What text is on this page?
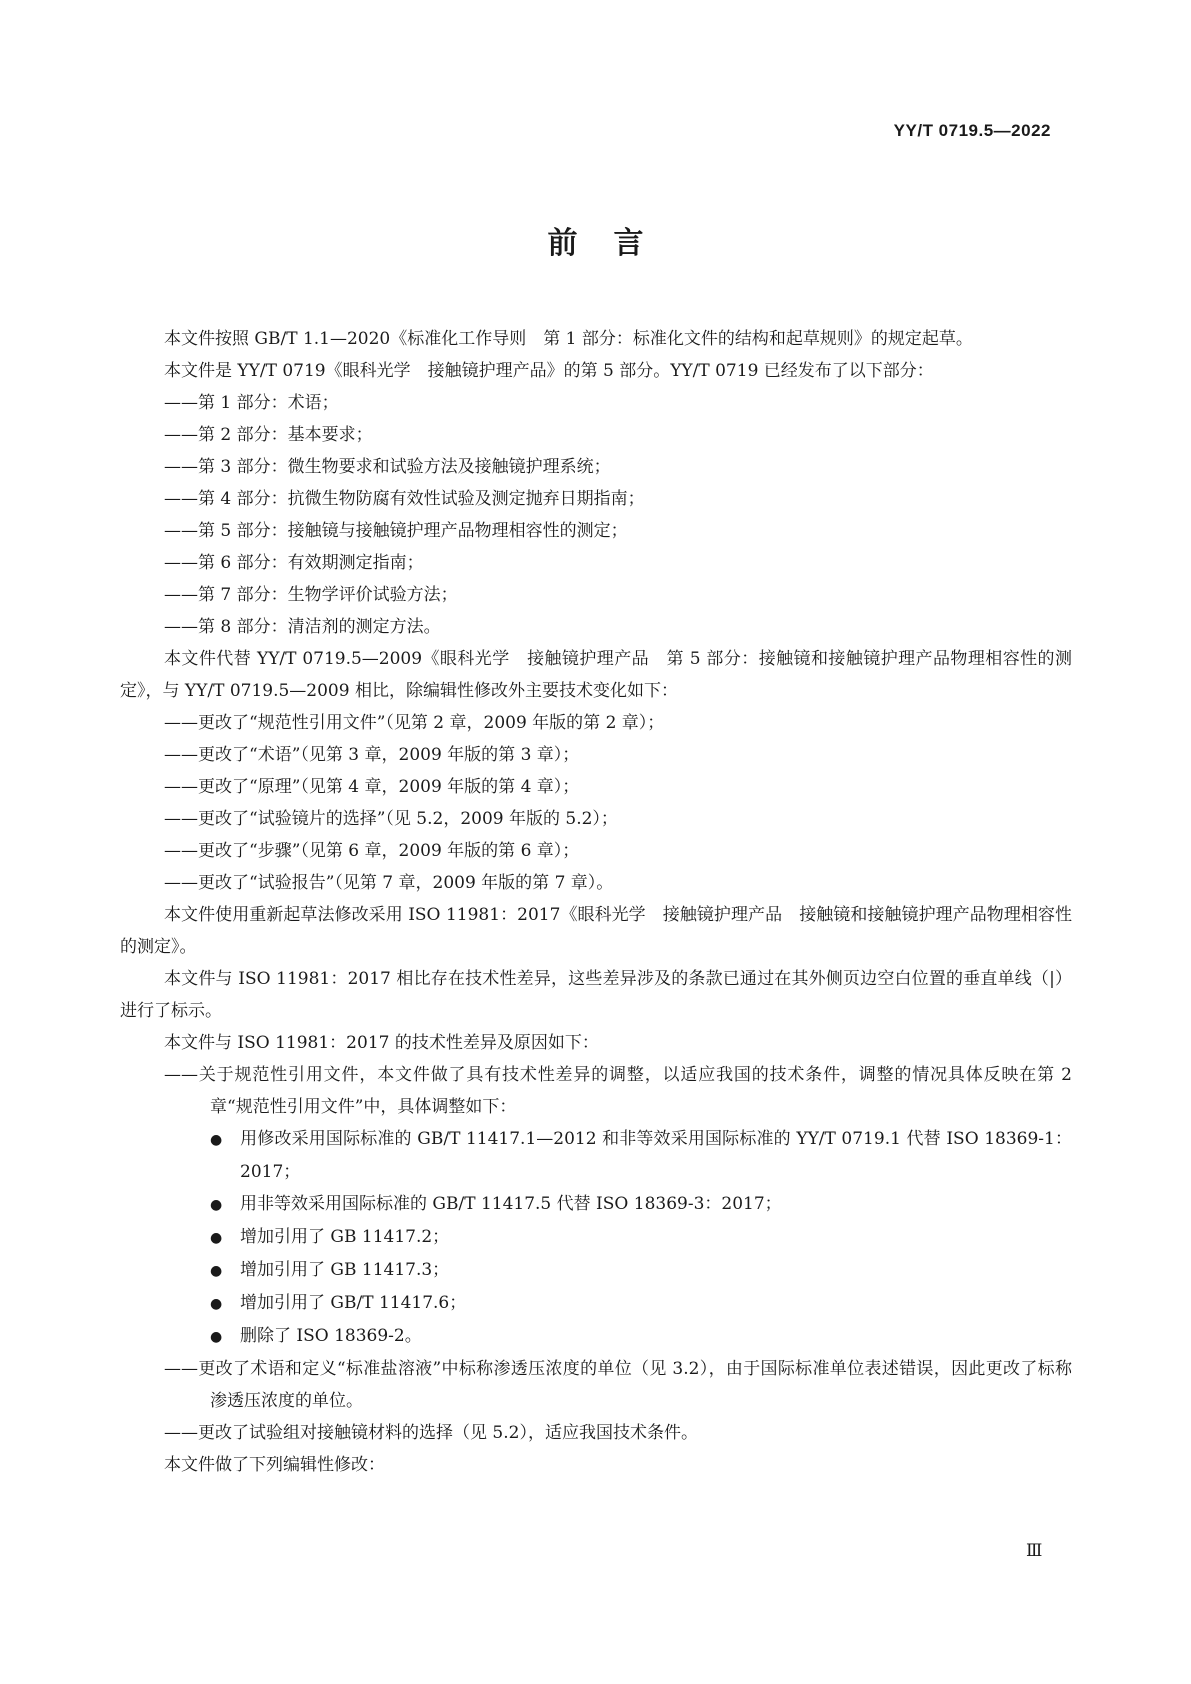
YY/T 0719.5—2022
前言

本文件按照 GB/T 1.1—2020《标准化工作导则　第 1 部分：标准化文件的结构和起草规则》的规定起草。

本文件是 YY/T 0719《眼科光学　接触镜护理产品》的第 5 部分。YY/T 0719 已经发布了以下部分：

——第 1 部分：术语；

——第 2 部分：基本要求；

——第 3 部分：微生物要求和试验方法及接触镜护理系统；

——第 4 部分：抗微生物防腐有效性试验及测定抛弃日期指南；

——第 5 部分：接触镜与接触镜护理产品物理相容性的测定；

——第 6 部分：有效期测定指南；

——第 7 部分：生物学评价试验方法；

——第 8 部分：清洁剂的测定方法。

本文件代替 YY/T 0719.5—2009《眼科光学　接触镜护理产品　第 5 部分：接触镜和接触镜护理产品物理相容性的测定》，与 YY/T 0719.5—2009 相比，除编辑性修改外主要技术变化如下：

——更改了“规范性引用文件”（见第 2 章，2009 年版的第 2 章）；

——更改了“术语”（见第 3 章，2009 年版的第 3 章）；

——更改了“原理”（见第 4 章，2009 年版的第 4 章）；

——更改了“试验镜片的选择”（见 5.2，2009 年版的 5.2）；

——更改了“步骤”（见第 6 章，2009 年版的第 6 章）；

——更改了“试验报告”（见第 7 章，2009 年版的第 7 章）。

本文件使用重新起草法修改采用 ISO 11981：2017《眼科光学　接触镜护理产品　接触镜和接触镜护理产品物理相容性的测定》。

本文件与 ISO 11981：2017 相比存在技术性差异，这些差异涉及的条款已通过在其外侧页边空白位置的垂直单线（|）进行了标示。

本文件与 ISO 11981：2017 的技术性差异及原因如下：

——关于规范性引用文件，本文件做了具有技术性差异的调整，以适应我国的技术条件，调整的情况具体反映在第 2 章“规范性引用文件”中，具体调整如下：

● 用修改采用国际标准的 GB/T 11417.1—2012 和非等效采用国际标准的 YY/T 0719.1 代替 ISO 18369-1：2017；

● 用非等效采用国际标准的 GB/T 11417.5 代替 ISO 18369-3：2017；

● 增加引用了 GB 11417.2；

● 增加引用了 GB 11417.3；

● 增加引用了 GB/T 11417.6；

● 删除了 ISO 18369-2。

——更改了术语和定义“标准盐溶液”中标称渗透压浓度的单位（见 3.2），由于国际标准单位表述错误，因此更改了标称渗透压浓度的单位。

——更改了试验组对接触镜材料的选择（见 5.2），适应我国技术条件。

本文件做了下列编辑性修改：

Ⅲ
